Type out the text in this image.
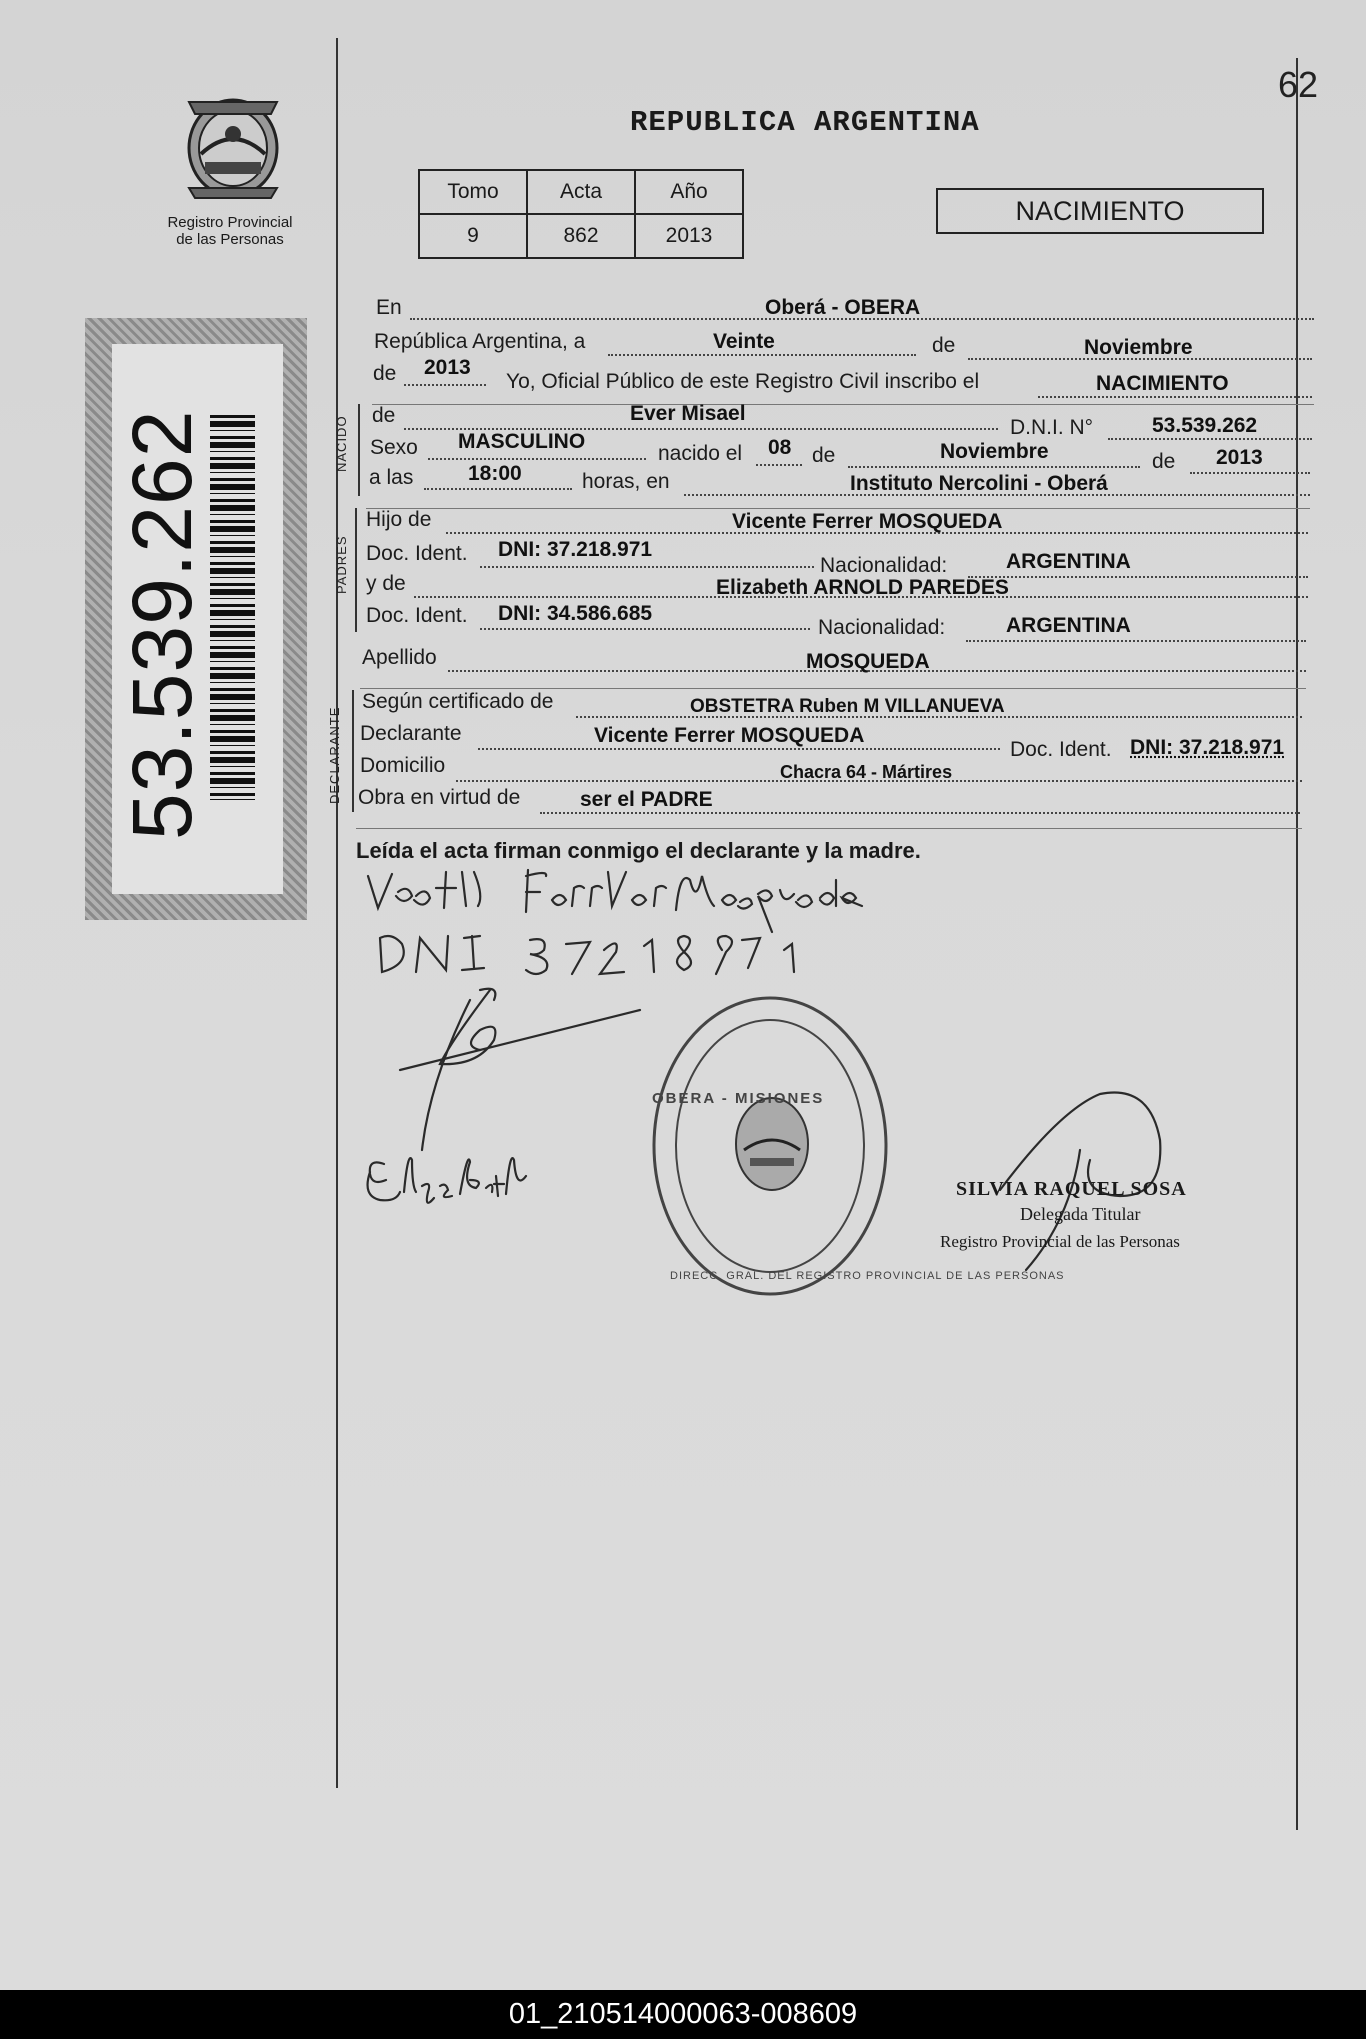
62
Registro Provincial
de las Personas
REPUBLICA ARGENTINA
Tomo	Acta	Año
9	862	2013
NACIMIENTO
53.539.262	NACIDO
PADRES
DECLARANTE
En	Oberá - OBERA
República Argentina, a	Veinte	de	Noviembre
de 2013
Yo, Oficial Público de este Registro Civil inscribo el	NACIMIENTO
de	Ever Misael
D.N.I. N°	53.539.262
Sexo MASCULINO
nacido el 08 de	Noviembre	de 2013
a las	18:00	horas, en	Instituto Nercolini - Oberá
Hijo de	Vicente Ferrer MOSQUEDA
Doc. Ident. DNI: 37.218.971
Nacionalidad:	ARGENTINA
y de	Elizabeth ARNOLD PAREDES
Doc. Ident. DNI: 34.586.685
Nacionalidad:	ARGENTINA
Apellido	MOSQUEDA
Según certificado de	OBSTETRA Ruben M VILLANUEVA
Declarante	Vicente Ferrer MOSQUEDA
Doc. Ident. DNI: 37.218.971
Domicilio	Chacra 64 - Mártires
Obra en virtud de	ser el PADRE
Leída el acta firman conmigo el declarante y la madre.
OBERA - MISIONES
DIRECC. GRAL. DEL REGISTRO PROVINCIAL DE LAS PERSONAS
SILVIA RAQUEL SOSA
Delegada Titular
Registro Provincial de las Personas
01_210514000063-008609
